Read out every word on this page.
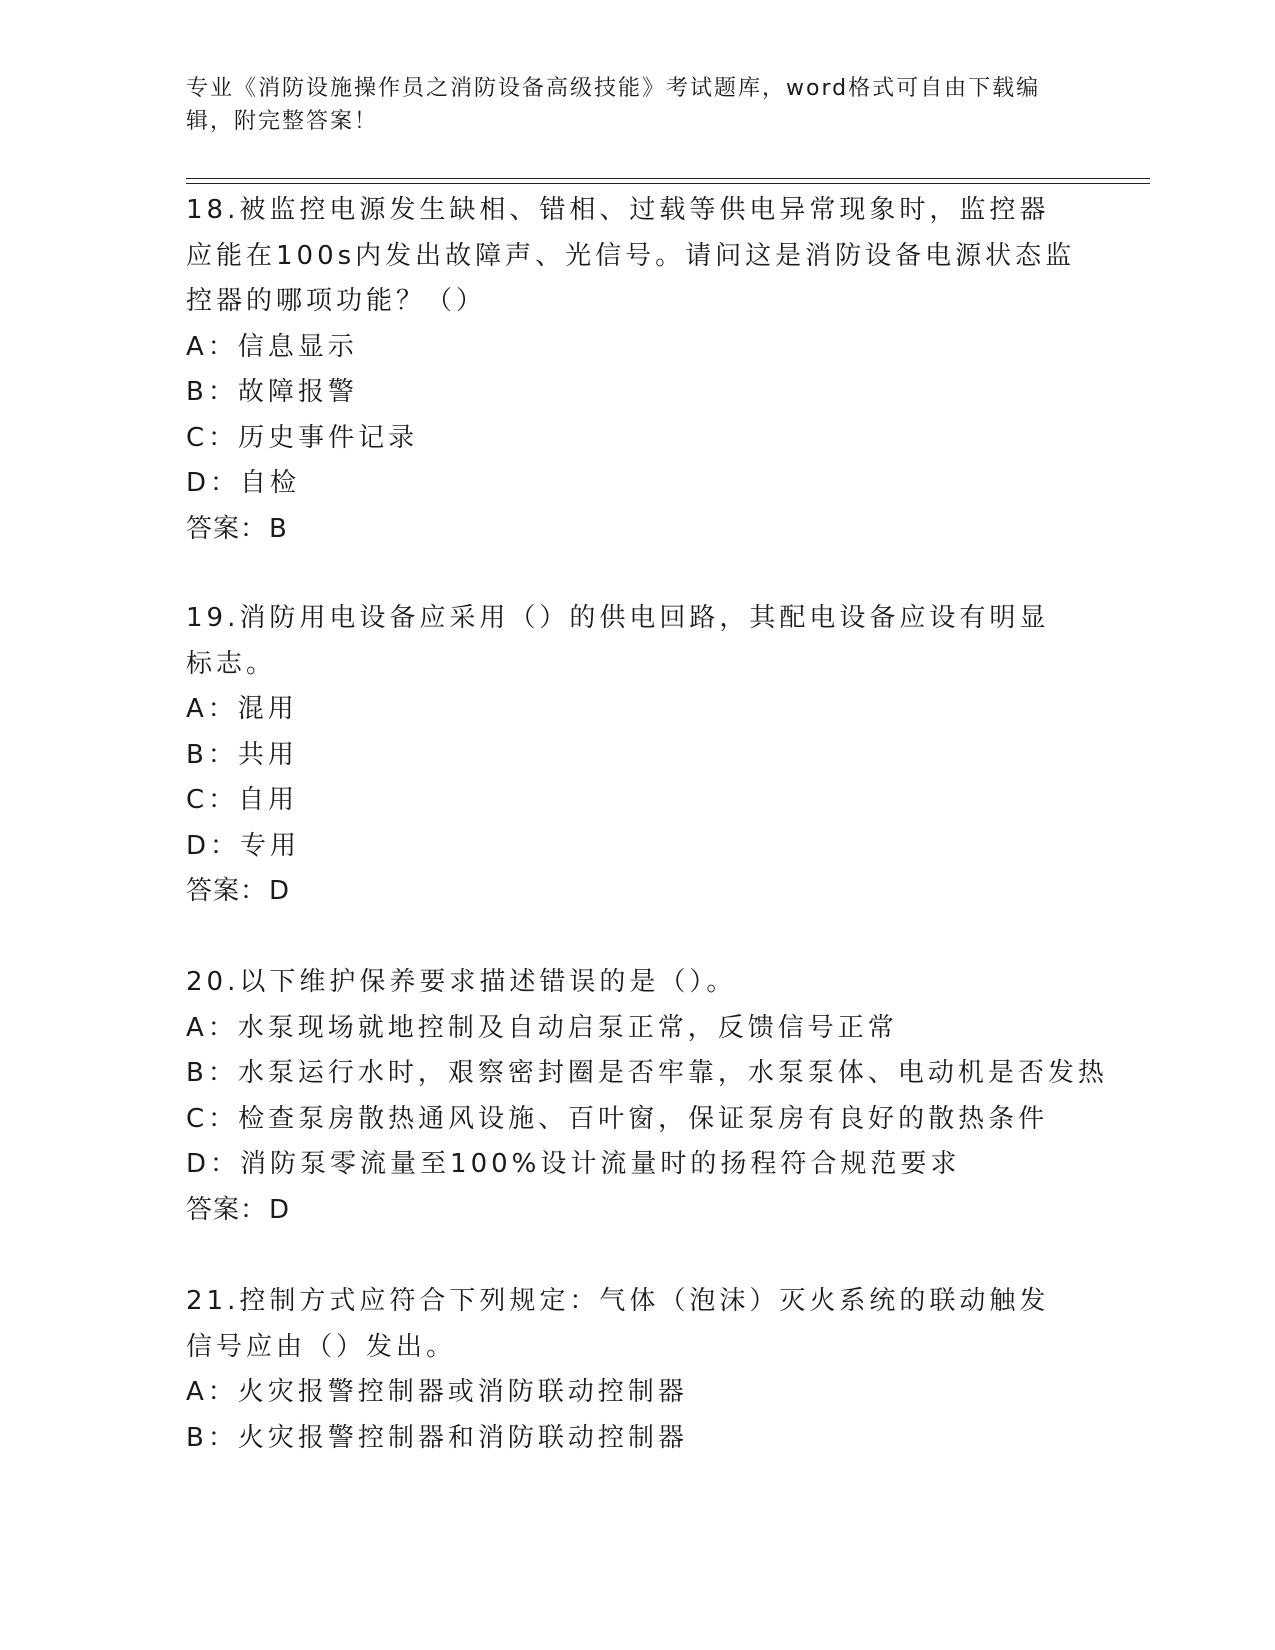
专业《消防设施操作员之消防设备高级技能》考试题库，word格式可自由下载编辑，附完整答案！
18.被监控电源发生缺相、错相、过载等供电异常现象时，监控器应能在100s内发出故障声、光信号。请问这是消防设备电源状态监控器的哪项功能？（）
A：信息显示
B：故障报警
C：历史事件记录
D：自检
答案：B
19.消防用电设备应采用（）的供电回路，其配电设备应设有明显标志。
A：混用
B：共用
C：自用
D：专用
答案：D
20.以下维护保养要求描述错误的是（）。
A：水泵现场就地控制及自动启泵正常，反馈信号正常
B：水泵运行水时，艰察密封圈是否牢靠，水泵泵体、电动机是否发热
C：检查泵房散热通风设施、百叶窗，保证泵房有良好的散热条件
D：消防泵零流量至100%设计流量时的扬程符合规范要求
答案：D
21.控制方式应符合下列规定：气体（泡沫）灭火系统的联动触发信号应由（）发出。
A：火灾报警控制器或消防联动控制器
B：火灾报警控制器和消防联动控制器
